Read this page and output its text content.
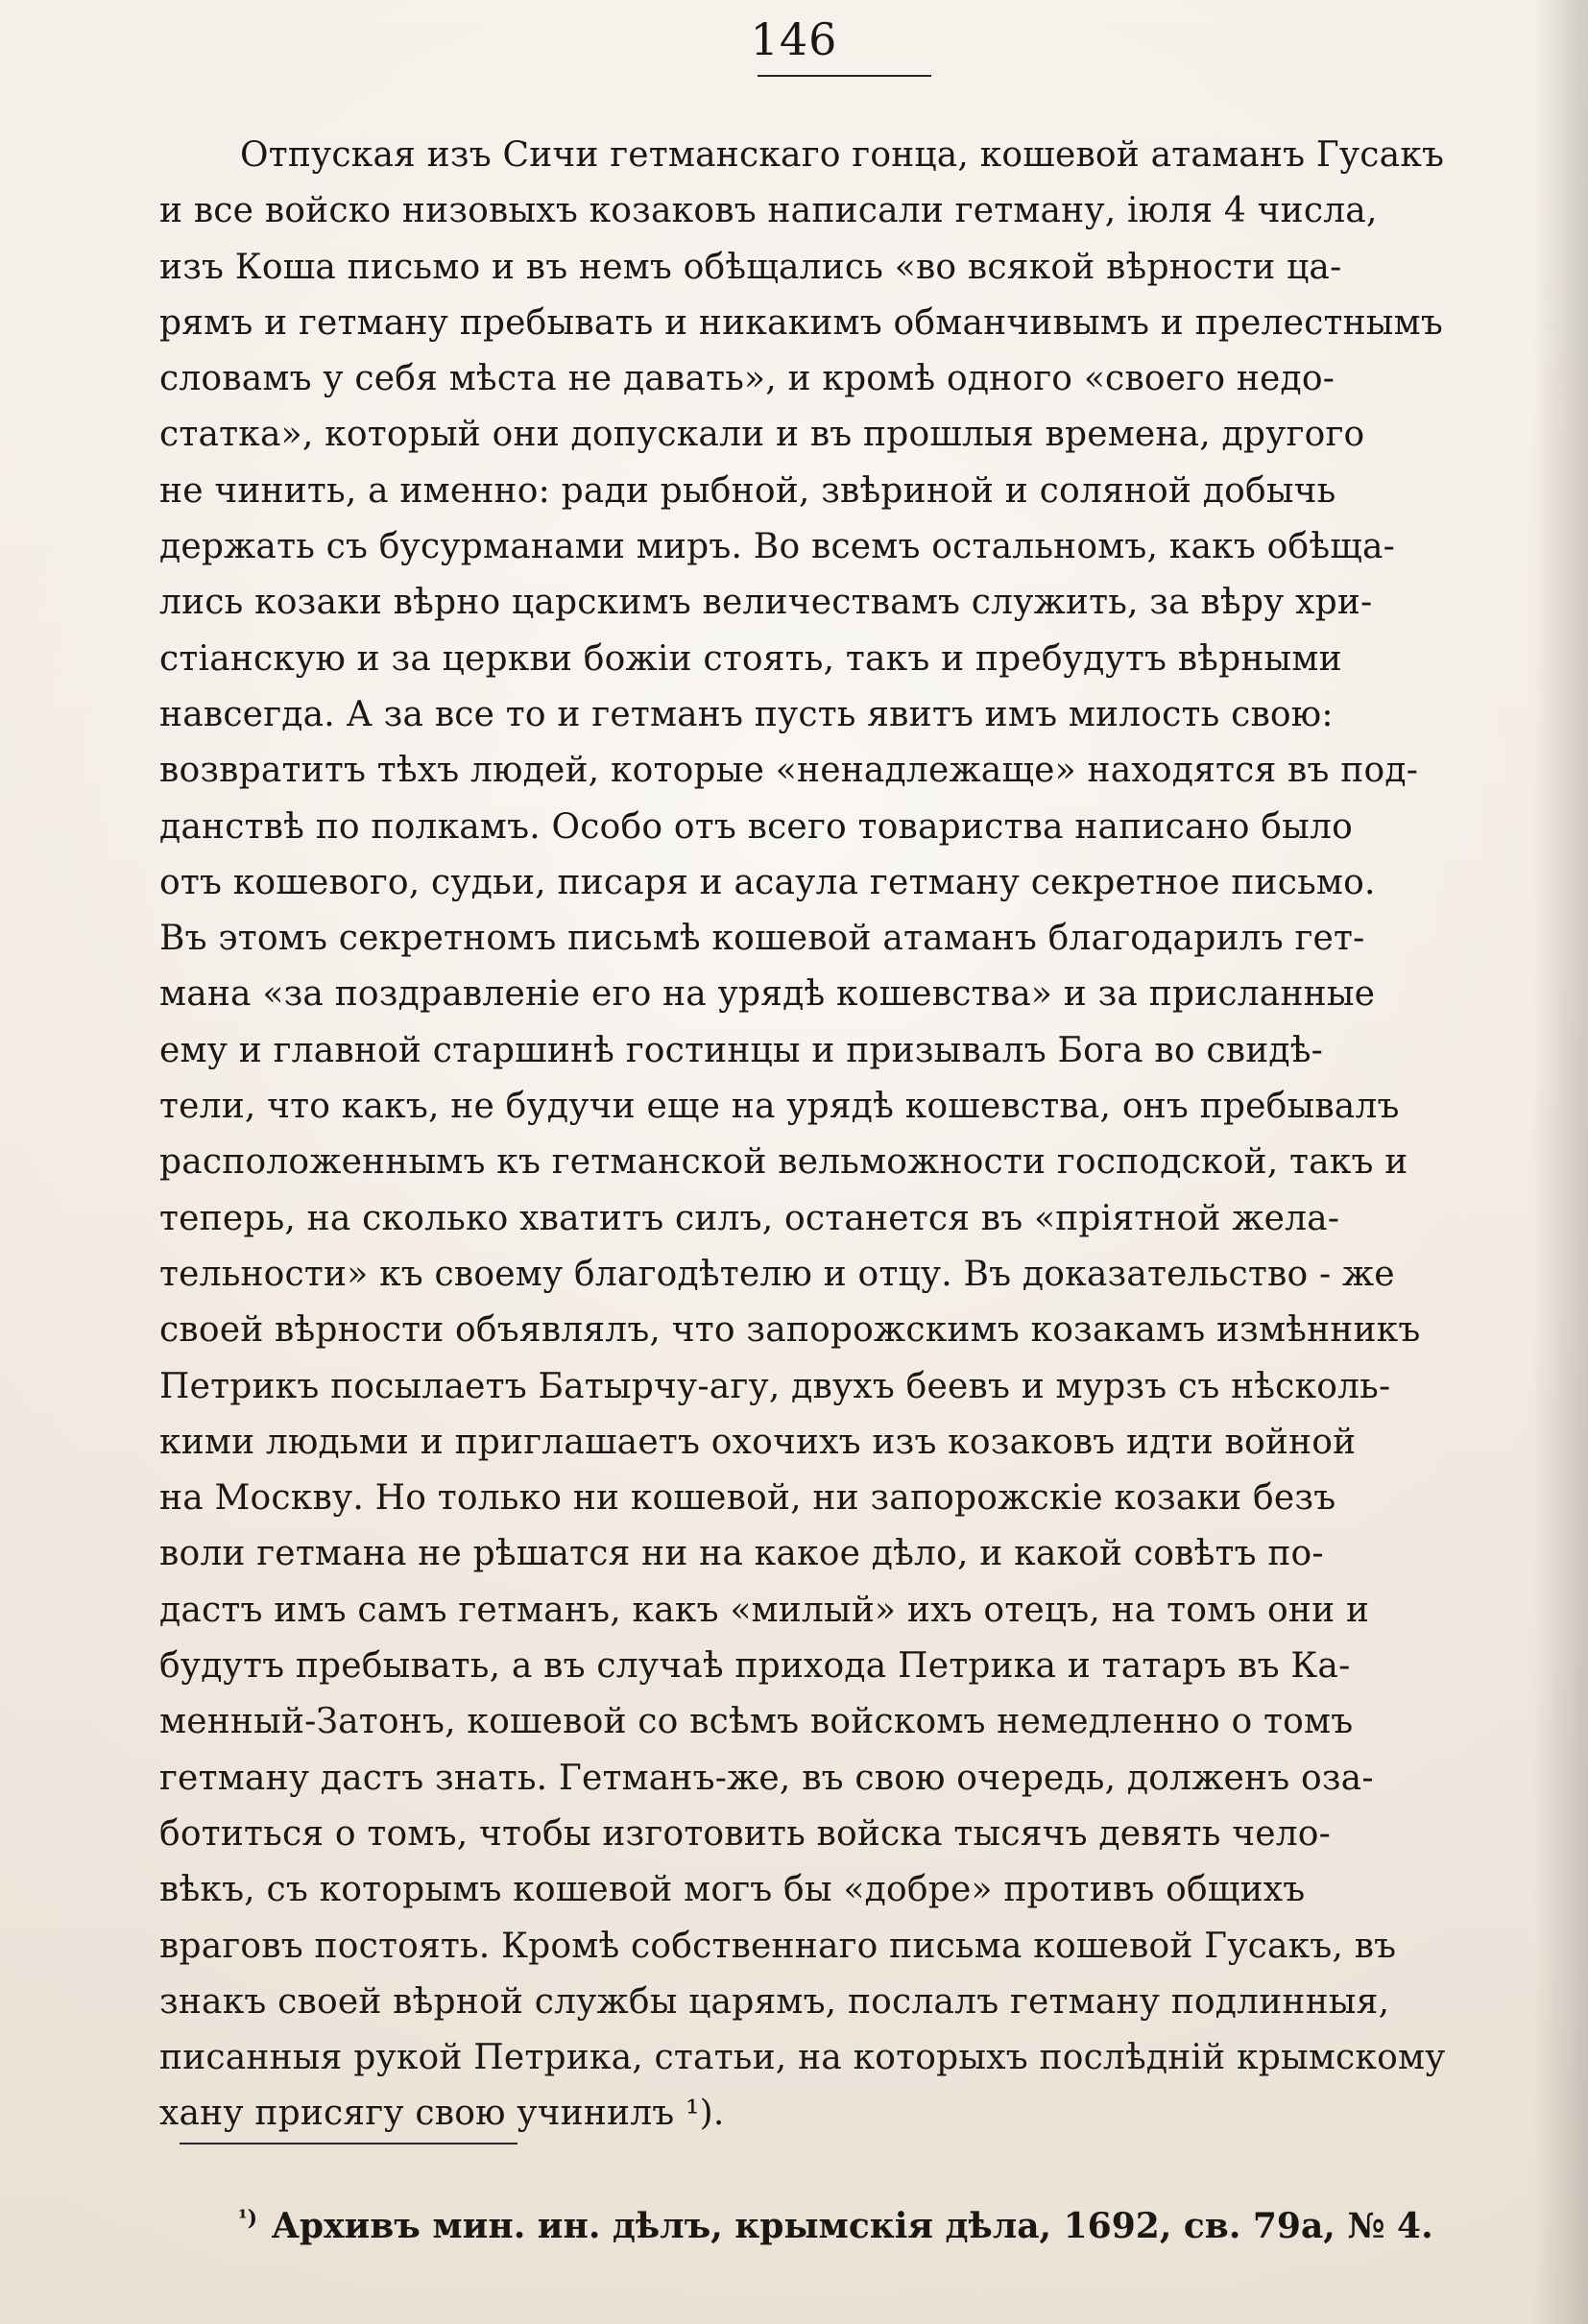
146
Отпуская изъ Сичи гетманскаго гонца, кошевой атаманъ Гусакъ
и все войско низовыхъ козаковъ написали гетману, іюля 4 числа,
изъ Коша письмо и въ немъ обѣщались «во всякой вѣрности ца-
рямъ и гетману пребывать и никакимъ обманчивымъ и прелестнымъ
словамъ у себя мѣста не давать», и кромѣ одного «своего недо-
статка», который они допускали и въ прошлыя времена, другого
не чинить, а именно: ради рыбной, звѣриной и соляной добычь
держать съ бусурманами миръ. Во всемъ остальномъ, какъ обѣща-
лись козаки вѣрно царскимъ величествамъ служить, за вѣру хри-
стіанскую и за церкви божіи стоять, такъ и пребудутъ вѣрными
навсегда. А за все то и гетманъ пусть явитъ имъ милость свою:
возвратитъ тѣхъ людей, которые «ненадлежаще» находятся въ под-
данствѣ по полкамъ. Особо отъ всего товариства написано было
отъ кошевого, судьи, писаря и асаула гетману секретное письмо.
Въ этомъ секретномъ письмѣ кошевой атаманъ благодарилъ гет-
мана «за поздравленіе его на урядѣ кошевства» и за присланные
ему и главной старшинѣ гостинцы и призывалъ Бога во свидѣ-
тели, что какъ, не будучи еще на урядѣ кошевства, онъ пребывалъ
расположеннымъ къ гетманской вельможности господской, такъ и
теперь, на сколько хватитъ силъ, останется въ «пріятной жела-
тельности» къ своему благодѣтелю и отцу. Въ доказательство - же
своей вѣрности объявлялъ, что запорожскимъ козакамъ измѣнникъ
Петрикъ посылаетъ Батырчу-агу, двухъ беевъ и мурзъ съ нѣсколь-
кими людьми и приглашаетъ охочихъ изъ козаковъ идти войной
на Москву. Но только ни кошевой, ни запорожскіе козаки безъ
воли гетмана не рѣшатся ни на какое дѣло, и какой совѣтъ по-
дастъ имъ самъ гетманъ, какъ «милый» ихъ отецъ, на томъ они и
будутъ пребывать, а въ случаѣ прихода Петрика и татаръ въ Ка-
менный-Затонъ, кошевой со всѣмъ войскомъ немедленно о томъ
гетману дастъ знать. Гетманъ-же, въ свою очередь, долженъ оза-
ботиться о томъ, чтобы изготовить войска тысячъ девять чело-
вѣкъ, съ которымъ кошевой могъ бы «добре» противъ общихъ
враговъ постоять. Кромѣ собственнаго письма кошевой Гусакъ, въ
знакъ своей вѣрной службы царямъ, послалъ гетману подлинныя,
писанныя рукой Петрика, статьи, на которыхъ послѣдній крымскому
хану присягу свою учинилъ ¹).
¹) Архивъ мин. ин. дѣлъ, крымскія дѣла, 1692, св. 79а, № 4.
